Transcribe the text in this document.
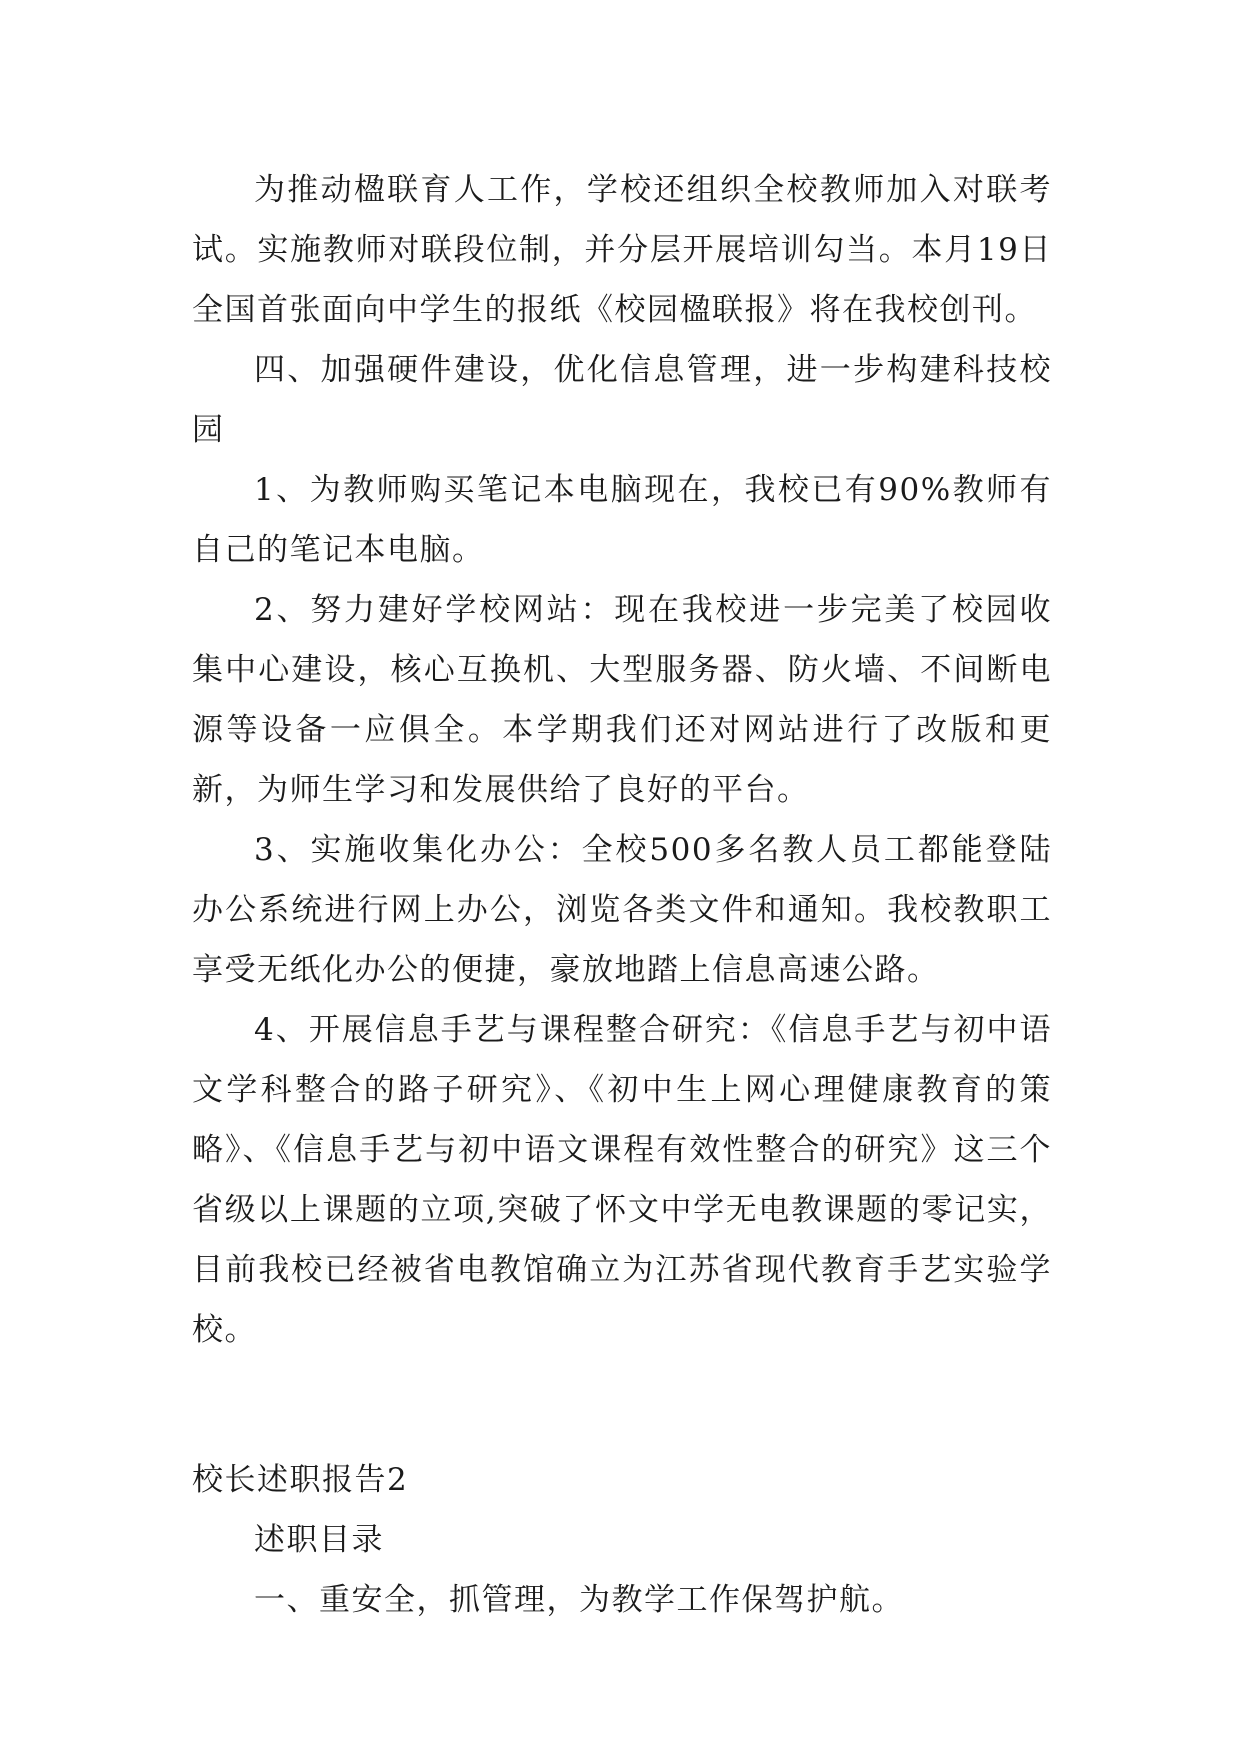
为推动楹联育人工作，学校还组织全校教师加入对联考试。实施教师对联段位制，并分层开展培训勾当。本月19日全国首张面向中学生的报纸《校园楹联报》将在我校创刊。

四、加强硬件建设，优化信息管理，进一步构建科技校园

1、为教师购买笔记本电脑现在，我校已有90%教师有自己的笔记本电脑。

2、努力建好学校网站：现在我校进一步完美了校园收集中心建设，核心互换机、大型服务器、防火墙、不间断电源等设备一应俱全。本学期我们还对网站进行了改版和更新，为师生学习和发展供给了良好的平台。

3、实施收集化办公：全校500多名教人员工都能登陆办公系统进行网上办公，浏览各类文件和通知。我校教职工享受无纸化办公的便捷，豪放地踏上信息高速公路。

4、开展信息手艺与课程整合研究：《信息手艺与初中语文学科整合的路子研究》、《初中生上网心理健康教育的策略》、《信息手艺与初中语文课程有效性整合的研究》这三个省级以上课题的立项,突破了怀文中学无电教课题的零记实，目前我校已经被省电教馆确立为江苏省现代教育手艺实验学校。

校长述职报告2

述职目录

一、重安全，抓管理，为教学工作保驾护航。
